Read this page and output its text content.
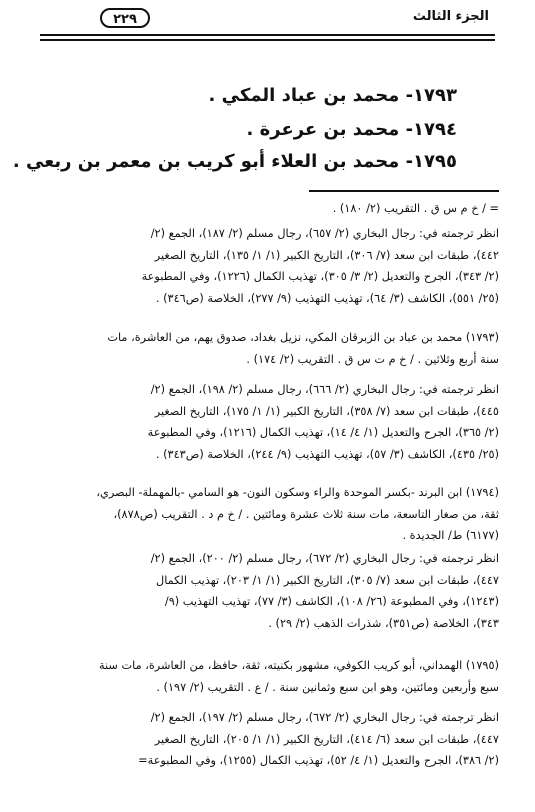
الجزء الثالث
٢٢٩
١٧٩٣- محمد بن عباد المكي .
١٧٩٤- محمد بن عرعرة .
١٧٩٥- محمد بن العلاء أبو كريب بن معمر بن ربعي .
= / خ م س ق . التقريب (٢/ ١٨٠) .
انظر ترجمته في: رجال البخاري (٢/ ٦٥٧)، رجال مسلم (٢/ ١٨٧)، الجمع (٢/
٤٤٢)، طبقات ابن سعد (٧/ ٣٠٦)، التاريخ الكبير (١/ ١/ ١٣٥)، التاريخ الصغير
(٢/ ٣٤٣)، الجرح والتعديل (٢/ ٣/ ٣٠٥)، تهذيب الكمال (١٢٢٦)، وفي المطبوعة
(٢٥/ ٥٥١)، الكاشف (٣/ ٦٤)، تهذيب التهذيب (٩/ ٢٧٧)، الخلاصة (ص٣٤٦) .
(١٧٩٣) محمد بن عباد بن الزبرقان المكي، نزيل بغداد، صدوق يهم، من العاشرة، مات
سنة أربع وثلاثين . / خ م ت س ق . التقريب (٢/ ١٧٤) .
انظر ترجمته في: رجال البخاري (٢/ ٦٦٦)، رجال مسلم (٢/ ١٩٨)، الجمع (٢/
٤٤٥)، طبقات ابن سعد (٧/ ٣٥٨)، التاريخ الكبير (١/ ١/ ١٧٥)، التاريخ الصغير
(٢/ ٣٦٥)، الجرح والتعديل (١/ ٤/ ١٤)، تهذيب الكمال (١٢١٦)، وفي المطبوعة
(٢٥/ ٤٣٥)، الكاشف (٣/ ٥٧)، تهذيب التهذيب (٩/ ٢٤٤)، الخلاصة (ص٣٤٣) .
(١٧٩٤) ابن البرند -بكسر الموحدة والراء وسكون النون- هو السامي -بالمهملة- البصري،
ثقة، من صغار التاسعة، مات سنة ثلاث عشرة ومائتين . / خ م د . التقريب (ص٨٧٨)،
(٦١٧٧) ط/ الجديدة .
انظر ترجمته في: رجال البخاري (٢/ ٦٧٢)، رجال مسلم (٢/ ٢٠٠)، الجمع (٢/
٤٤٧)، طبقات ابن سعد (٧/ ٣٠٥)، التاريخ الكبير (١/ ١/ ٢٠٣)، تهذيب الكمال
(١٢٤٣)، وفي المطبوعة (٢٦/ ١٠٨)، الكاشف (٣/ ٧٧)، تهذيب التهذيب (٩/
٣٤٣)، الخلاصة (ص٣٥١)، شذرات الذهب (٢/ ٢٩) .
(١٧٩٥) الهمداني، أبو كريب الكوفي، مشهور بكنيته، ثقة، حافظ، من العاشرة، مات سنة
سبع وأربعين ومائتين، وهو ابن سبع وثمانين سنة . / ع . التقريب (٢/ ١٩٧) .
انظر ترجمته في: رجال البخاري (٢/ ٦٧٢)، رجال مسلم (٢/ ١٩٧)، الجمع (٢/
٤٤٧)، طبقات ابن سعد (٦/ ٤١٤)، التاريخ الكبير (١/ ١/ ٢٠٥)، التاريخ الصغير
(٢/ ٣٨٦)، الجرح والتعديل (١/ ٤/ ٥٢)، تهذيب الكمال (١٢٥٥)، وفي المطبوعة=
